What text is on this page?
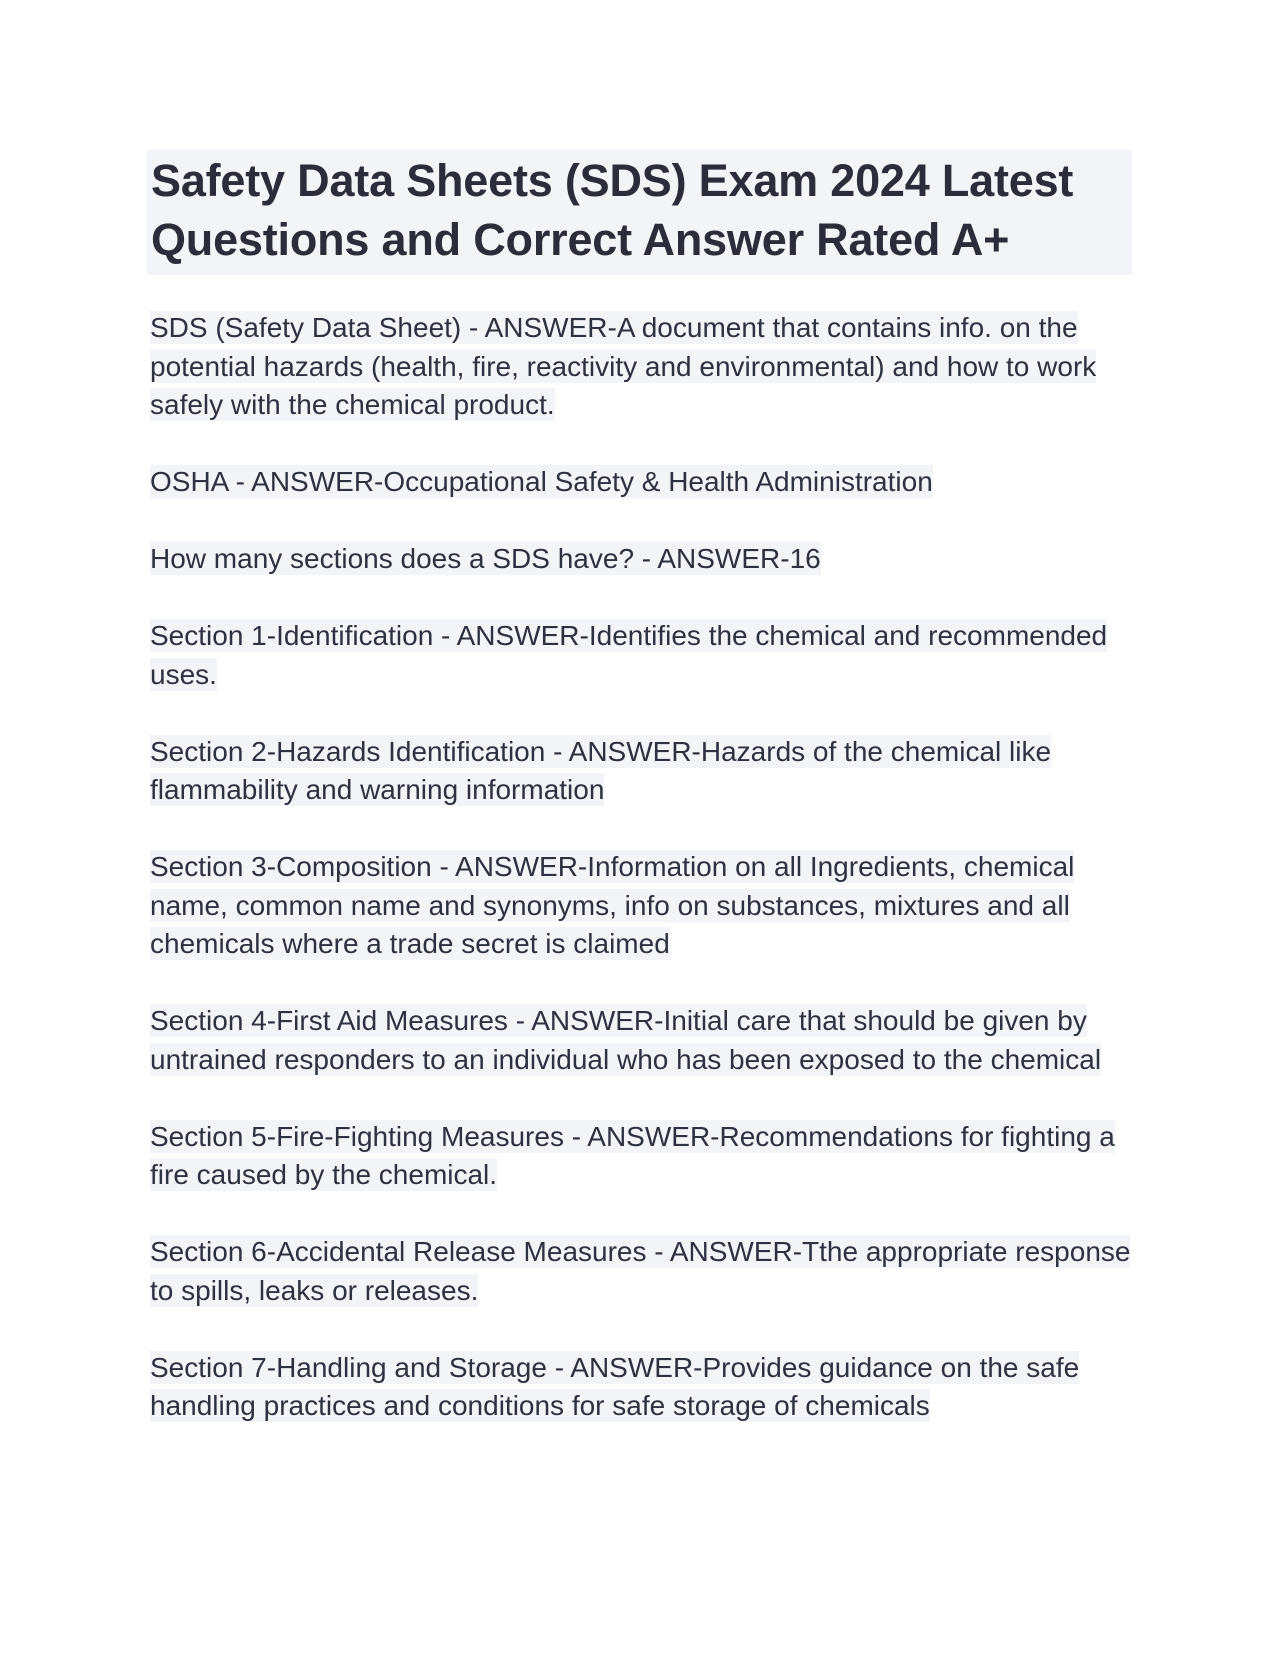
Safety Data Sheets (SDS) Exam 2024 Latest Questions and Correct Answer Rated A+

SDS (Safety Data Sheet) - ANSWER-A document that contains info. on the potential hazards (health, fire, reactivity and environmental) and how to work safely with the chemical product.

OSHA - ANSWER-Occupational Safety & Health Administration

How many sections does a SDS have? - ANSWER-16

Section 1-Identification - ANSWER-Identifies the chemical and recommended uses.

Section 2-Hazards Identification - ANSWER-Hazards of the chemical like flammability and warning information

Section 3-Composition - ANSWER-Information on all Ingredients, chemical name, common name and synonyms, info on substances, mixtures and all chemicals where a trade secret is claimed

Section 4-First Aid Measures - ANSWER-Initial care that should be given by untrained responders to an individual who has been exposed to the chemical

Section 5-Fire-Fighting Measures - ANSWER-Recommendations for fighting a fire caused by the chemical.

Section 6-Accidental Release Measures - ANSWER-Tthe appropriate response to spills, leaks or releases.

Section 7-Handling and Storage - ANSWER-Provides guidance on the safe handling practices and conditions for safe storage of chemicals
